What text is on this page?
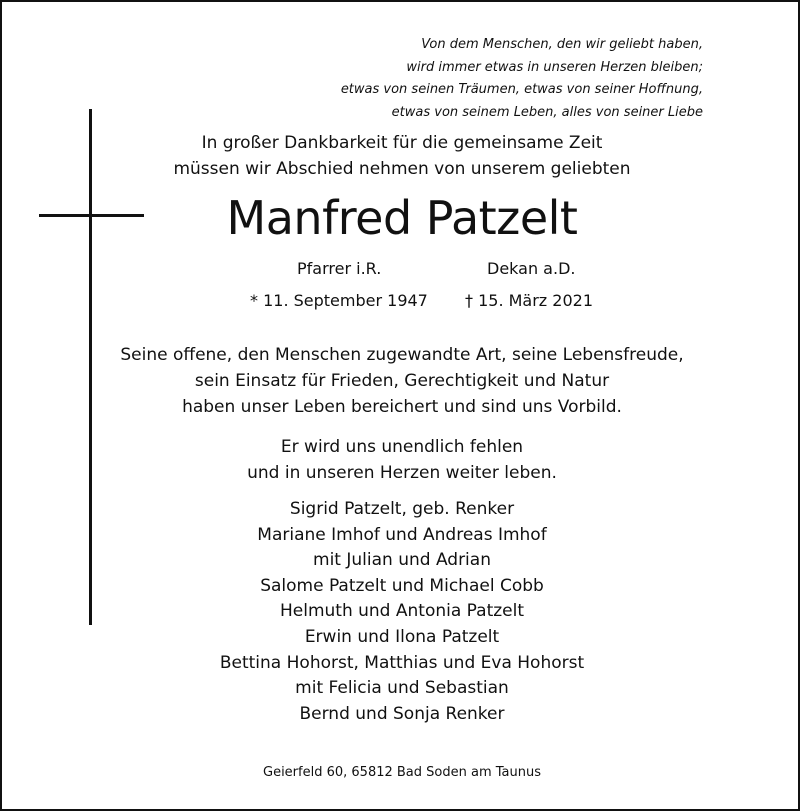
Von dem Menschen, den wir geliebt haben,
wird immer etwas in unseren Herzen bleiben;
etwas von seinen Träumen, etwas von seiner Hoffnung,
etwas von seinem Leben, alles von seiner Liebe
In großer Dankbarkeit für die gemeinsame Zeit
müssen wir Abschied nehmen von unserem geliebten
Manfred Patzelt
Pfarrer i.R.	Dekan a.D.
* 11. September 1947 † 15. März 2021
Seine offene, den Menschen zugewandte Art, seine Lebensfreude,
sein Einsatz für Frieden, Gerechtigkeit und Natur
haben unser Leben bereichert und sind uns Vorbild.
Er wird uns unendlich fehlen
und in unseren Herzen weiter leben.
Sigrid Patzelt, geb. Renker
Mariane Imhof und Andreas Imhof
mit Julian und Adrian
Salome Patzelt und Michael Cobb
Helmuth und Antonia Patzelt
Erwin und Ilona Patzelt
Bettina Hohorst, Matthias und Eva Hohorst
mit Felicia und Sebastian
Bernd und Sonja Renker
Geierfeld 60, 65812 Bad Soden am Taunus
